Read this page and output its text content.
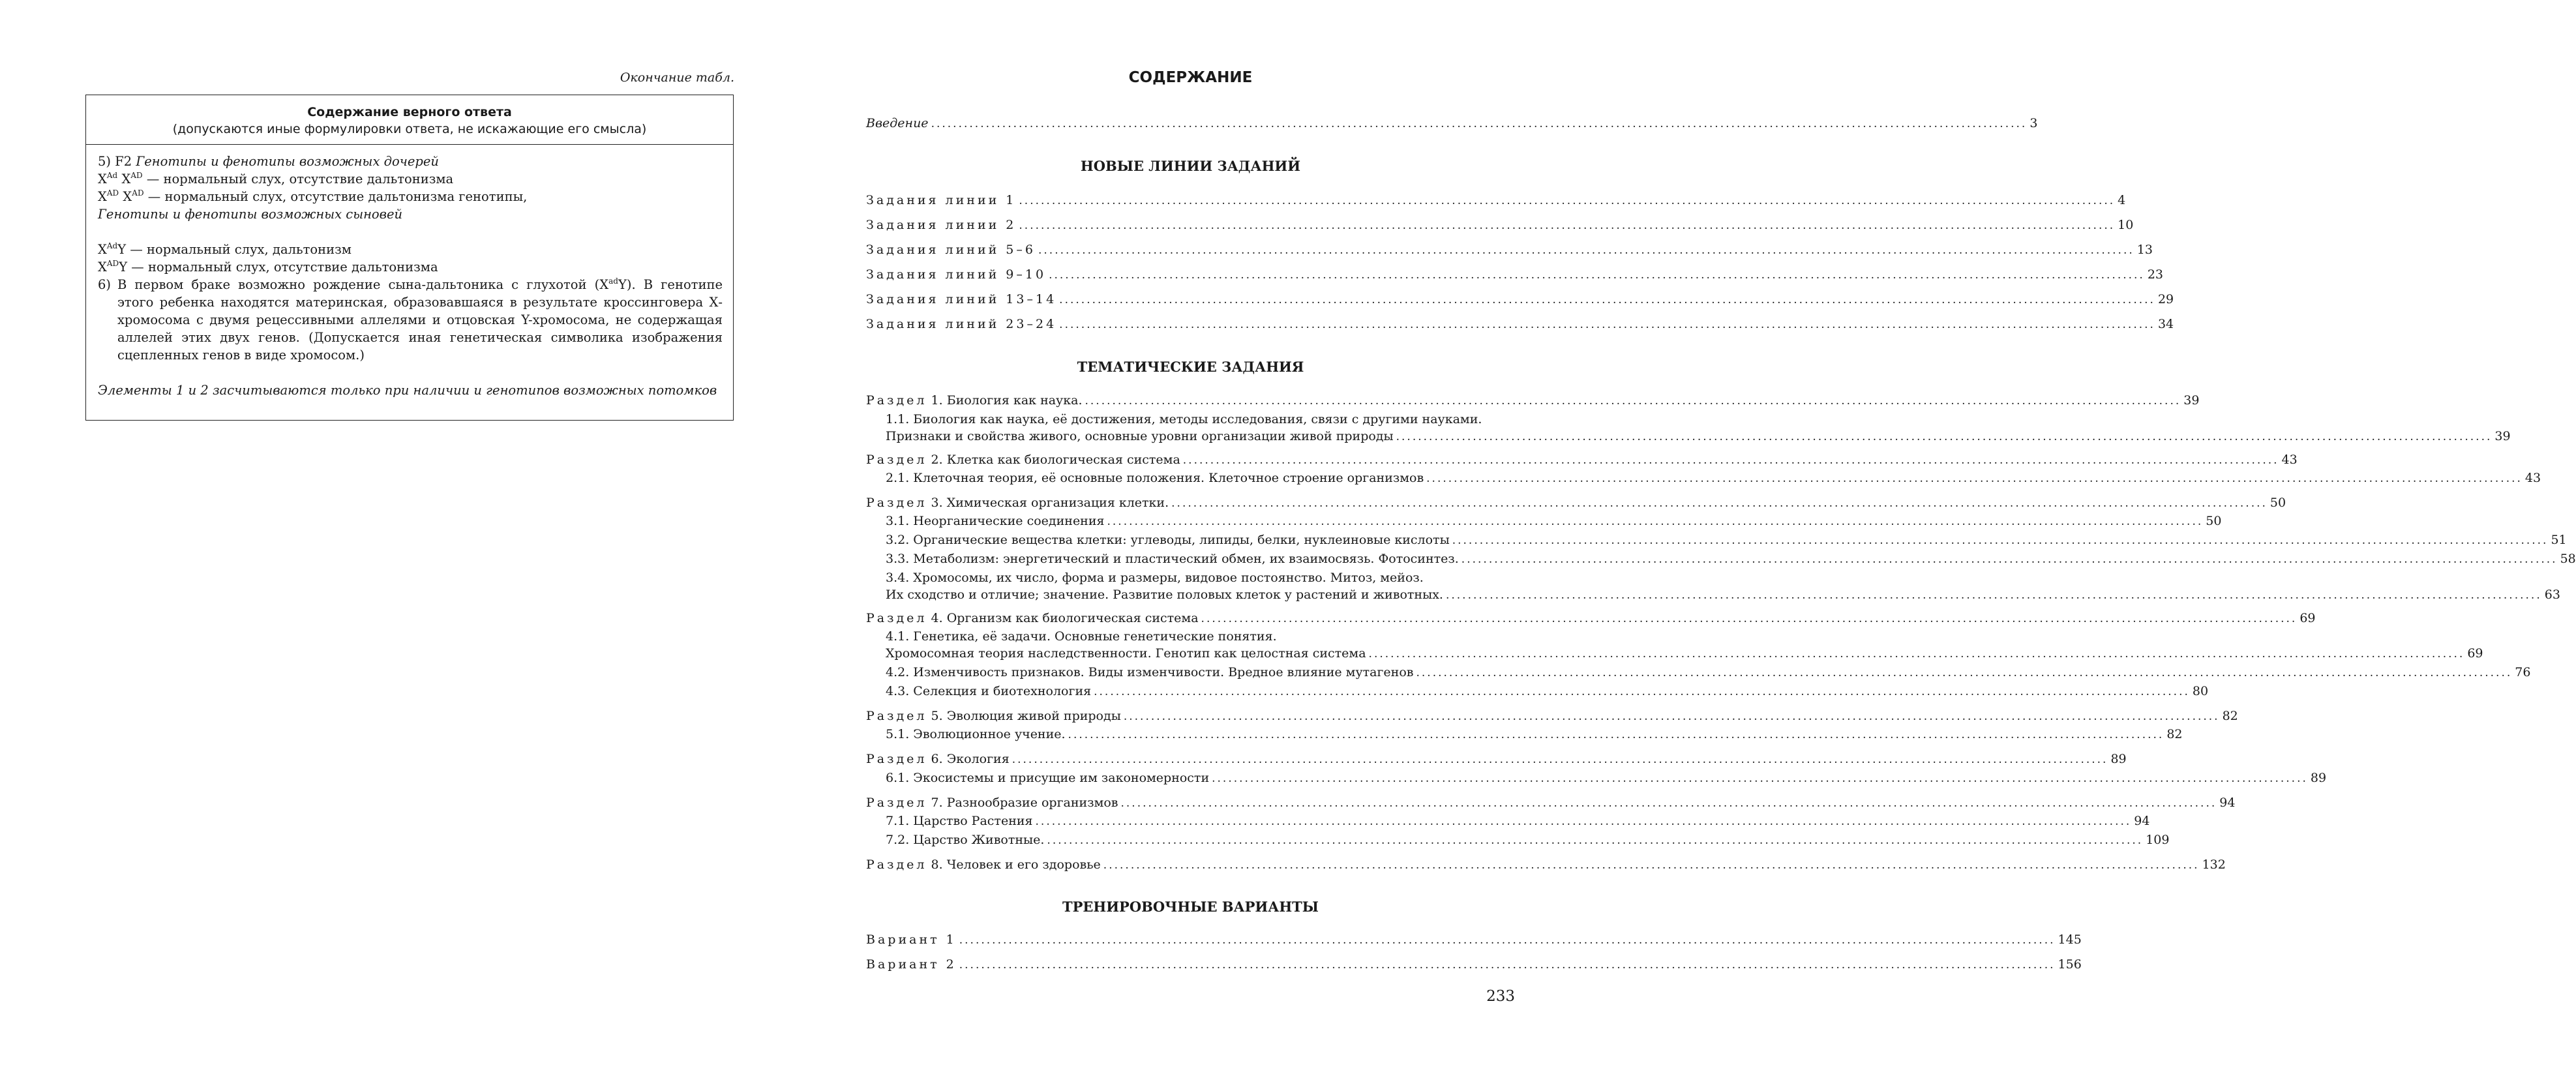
Окончание табл.
Содержание верного ответа
(допускаются иные формулировки ответа, не искажающие его смысла)
5) F2 Генотипы и фенотипы возможных дочерей
$X^{Ad}$ $X^{AD}$ — нормальный слух, отсутствие дальтонизма
$X^{AD}$ $X^{AD}$ — нормальный слух, отсутствие дальтонизма генотипы,
Генотипы и фенотипы возможных сыновей
$X^{Ad}Y$ — нормальный слух, дальтонизм
$X^{AD}Y$ — нормальный слух, отсутствие дальтонизма
6) В первом браке возможно рождение сына-дальтоника с глухотой $(X^{ad}Y)$. В генотипе этого ребенка находятся материнская, образовавшаяся в результате кроссинговера Х-хромосома с двумя рецессивными аллелями и отцовская Y-хромосома, не содержащая аллелей этих двух генов. (Допускается иная генетическая символика изображения сцепленных генов в виде хромосом.)
Элементы 1 и 2 засчитываются только при наличии и генотипов возможных потомков
СОДЕРЖАНИЕ
Введение ........................................................................................................................................................................................................ 3
НОВЫЕ ЛИНИИ ЗАДАНИЙ
Задания линии 1 ........................................................................................................................................................................................................ 4
Задания линии 2 ........................................................................................................................................................................................................ 10
Задания линий 5–6 ........................................................................................................................................................................................................ 13
Задания линий 9–10 ........................................................................................................................................................................................................ 23
Задания линий 13–14 ........................................................................................................................................................................................................ 29
Задания линий 23–24 ........................................................................................................................................................................................................ 34
ТЕМАТИЧЕСКИЕ ЗАДАНИЯ
Раздел 1. Биология как наука. ........................................................................................................................................................................................................ 39
1.1. Биология как наука, её достижения, методы исследования, связи с другими науками.
Признаки и свойства живого, основные уровни организации живой природы ........................................................................................................................................................................................................ 39
Раздел 2. Клетка как биологическая система ........................................................................................................................................................................................................ 43
2.1. Клеточная теория, её основные положения. Клеточное строение организмов ........................................................................................................................................................................................................ 43
Раздел 3. Химическая организация клетки. ........................................................................................................................................................................................................ 50
3.1. Неорганические соединения ........................................................................................................................................................................................................ 50
3.2. Органические вещества клетки: углеводы, липиды, белки, нуклеиновые кислоты ........................................................................................................................................................................................................ 51
3.3. Метаболизм: энергетический и пластический обмен, их взаимосвязь. Фотосинтез. ........................................................................................................................................................................................................ 58
3.4. Хромосомы, их число, форма и размеры, видовое постоянство. Митоз, мейоз.
Их сходство и отличие; значение. Развитие половых клеток у растений и животных. ........................................................................................................................................................................................................ 63
Раздел 4. Организм как биологическая система ........................................................................................................................................................................................................ 69
4.1. Генетика, её задачи. Основные генетические понятия.
Хромосомная теория наследственности. Генотип как целостная система ........................................................................................................................................................................................................ 69
4.2. Изменчивость признаков. Виды изменчивости. Вредное влияние мутагенов ........................................................................................................................................................................................................ 76
4.3. Селекция и биотехнология ........................................................................................................................................................................................................ 80
Раздел 5. Эволюция живой природы ........................................................................................................................................................................................................ 82
5.1. Эволюционное учение. ........................................................................................................................................................................................................ 82
Раздел 6. Экология ........................................................................................................................................................................................................ 89
6.1. Экосистемы и присущие им закономерности ........................................................................................................................................................................................................ 89
Раздел 7. Разнообразие организмов ........................................................................................................................................................................................................ 94
7.1. Царство Растения ........................................................................................................................................................................................................ 94
7.2. Царство Животные. ........................................................................................................................................................................................................ 109
Раздел 8. Человек и его здоровье ........................................................................................................................................................................................................ 132
ТРЕНИРОВОЧНЫЕ ВАРИАНТЫ
Вариант 1 ........................................................................................................................................................................................................ 145
Вариант 2 ........................................................................................................................................................................................................ 156
233
